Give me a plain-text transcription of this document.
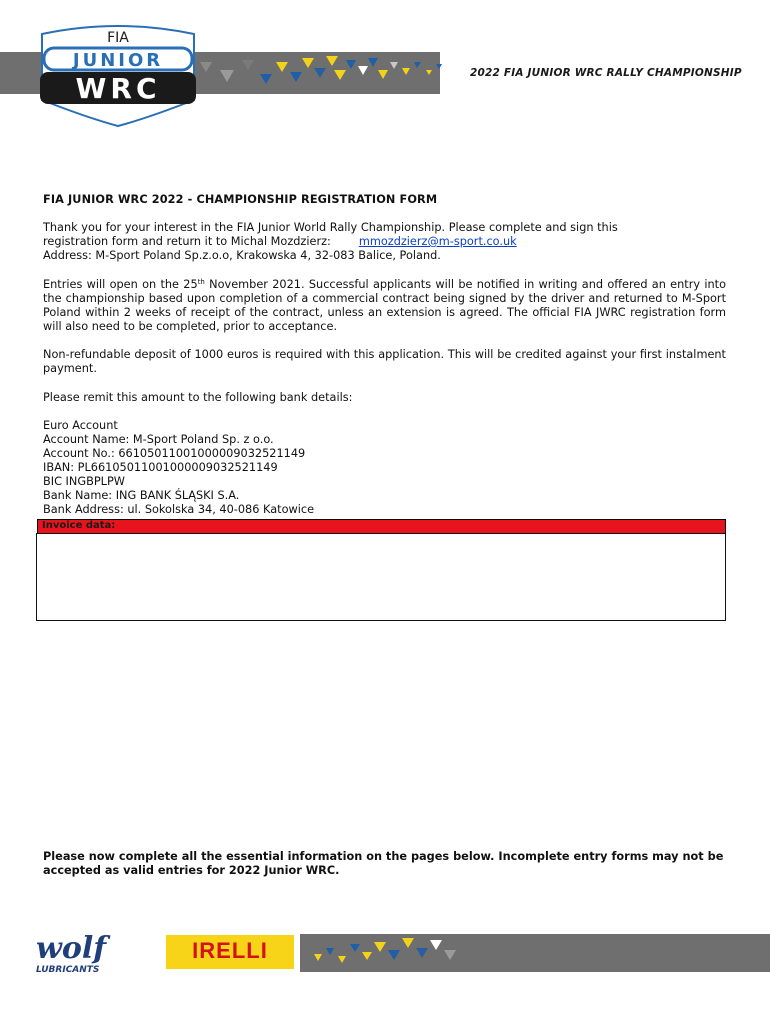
2022 FIA JUNIOR WRC RALLY CHAMPIONSHIP
FIA
JUNIOR
WRC
FIA JUNIOR WRC 2022 - CHAMPIONSHIP REGISTRATION FORM
Thank you for your interest in the FIA Junior World Rally Championship. Please complete and sign this
registration form and return it to Michal Mozdzierz: mmozdzierz@m-sport.co.uk
Address: M-Sport Poland Sp.z.o.o, Krakowska 4, 32-083 Balice, Poland.

Entries will open on the 25th November 2021. Successful applicants will be notified in writing and offered an entry into the championship based upon completion of a commercial contract being signed by the driver and returned to M-Sport Poland within 2 weeks of receipt of the contract, unless an extension is agreed. The official FIA JWRC registration form will also need to be completed, prior to acceptance.

Non-refundable deposit of 1000 euros is required with this application. This will be credited against your first instalment payment.
Please remit this amount to the following bank details:
Euro Account
Account Name: M-Sport Poland Sp. z o.o.
Account No.: 66105011001000009032521149
IBAN: PL66105011001000009032521149
BIC INGBPLPW
Bank Name: ING BANK ŚLĄSKI S.A.
Bank Address: ul. Sokolska 34, 40-086 Katowice
Invoice data:
Please now complete all the essential information on the pages below. Incomplete entry forms may not be accepted as valid entries for 2022 Junior WRC.
wolf
LUBRICANTS
IRELLI
